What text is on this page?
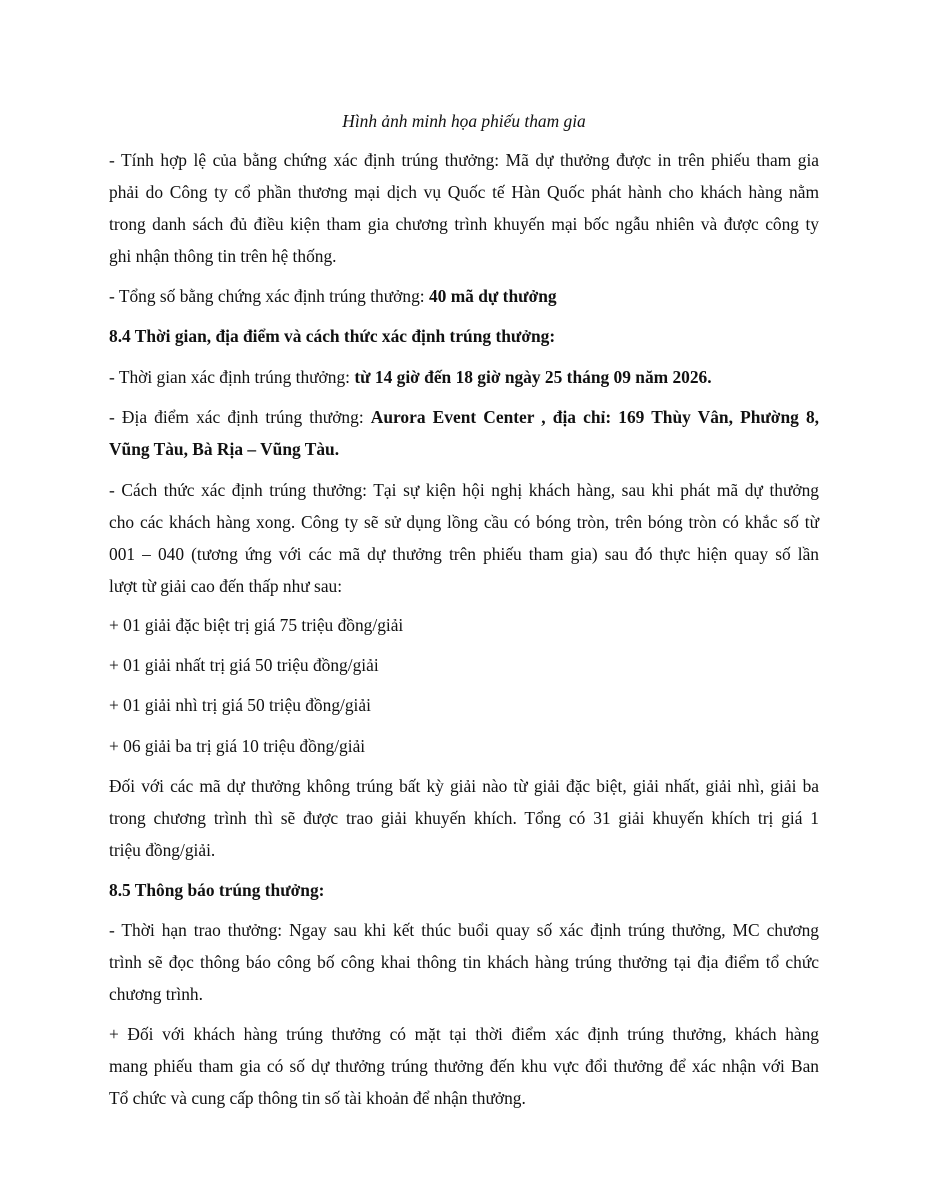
Hình ảnh minh họa phiếu tham gia
- Tính hợp lệ của bằng chứng xác định trúng thưởng: Mã dự thưởng được in trên phiếu tham gia
phải do Công ty cổ phần thương mại dịch vụ Quốc tế Hàn Quốc phát hành cho khách hàng nằm
trong danh sách đủ điều kiện tham gia chương trình khuyến mại bốc ngẫu nhiên và được công ty
ghi nhận thông tin trên hệ thống.
- Tổng số bằng chứng xác định trúng thưởng: 40 mã dự thưởng
8.4 Thời gian, địa điểm và cách thức xác định trúng thưởng:
- Thời gian xác định trúng thưởng: từ 14 giờ đến 18 giờ ngày 25 tháng 09 năm 2026.
- Địa điểm xác định trúng thưởng: Aurora Event Center , địa chỉ: 169 Thùy Vân, Phường 8,
Vũng Tàu, Bà Rịa – Vũng Tàu.
- Cách thức xác định trúng thưởng: Tại sự kiện hội nghị khách hàng, sau khi phát mã dự thưởng
cho các khách hàng xong. Công ty sẽ sử dụng lồng cầu có bóng tròn, trên bóng tròn có khắc số từ
001 – 040 (tương ứng với các mã dự thưởng trên phiếu tham gia) sau đó thực hiện quay số lần
lượt từ giải cao đến thấp như sau:
+ 01 giải đặc biệt trị giá 75 triệu đồng/giải
+ 01 giải nhất trị giá 50 triệu đồng/giải
+ 01 giải nhì trị giá 50 triệu đồng/giải
+ 06 giải ba trị giá 10 triệu đồng/giải
Đối với các mã dự thưởng không trúng bất kỳ giải nào từ giải đặc biệt, giải nhất, giải nhì, giải ba
trong chương trình thì sẽ được trao giải khuyến khích. Tổng có 31 giải khuyến khích trị giá 1
triệu đồng/giải.
8.5 Thông báo trúng thưởng:
- Thời hạn trao thưởng: Ngay sau khi kết thúc buổi quay số xác định trúng thưởng, MC chương
trình sẽ đọc thông báo công bố công khai thông tin khách hàng trúng thưởng tại địa điểm tổ chức
chương trình.
+ Đối với khách hàng trúng thưởng có mặt tại thời điểm xác định trúng thưởng, khách hàng
mang phiếu tham gia có số dự thưởng trúng thưởng đến khu vực đổi thưởng để xác nhận với Ban
Tổ chức và cung cấp thông tin số tài khoản để nhận thưởng.
